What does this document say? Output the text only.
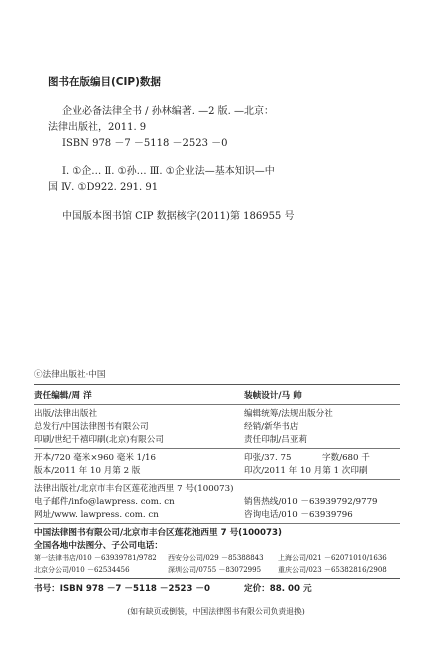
图书在版编目(CIP)数据
企业必备法律全书 / 孙林编著. —2 版. —北京：
法律出版社，2011. 9
ISBN 978 －7 －5118 －2523 －0
Ⅰ. ①企… Ⅱ. ①孙… Ⅲ. ①企业法—基本知识—中
国 Ⅳ. ①D922. 291. 91
中国版本图书馆 CIP 数据核字(2011)第 186955 号
ⓒ法律出版社·中国
责任编辑/周 洋	装帧设计/马 帅
出版/法律出版社	编辑统筹/法规出版分社
总发行/中国法律图书有限公司	经销/新华书店
印刷/世纪千禧印刷(北京)有限公司	责任印制/吕亚莉
开本/720 毫米×960 毫米 1/16	印张/37. 75	字数/680 千
版本/2011 年 10 月第 2 版	印次/2011 年 10 月第 1 次印刷
法律出版社/北京市丰台区莲花池西里 7 号(100073)
电子邮件/info@lawpress. com. cn	销售热线/010 －63939792/9779
网址/www. lawpress. com. cn	咨询电话/010 －63939796
中国法律图书有限公司/北京市丰台区莲花池西里 7 号(100073)
全国各地中法图分、子公司电话：
第一法律书店/010 －63939781/9782 西安分公司/029 －85388843 上海公司/021 －62071010/1636
北京分公司/010 －62534456	深圳公司/0755 －83072995 重庆公司/023 －65382816/2908
书号：ISBN 978 －7 －5118 －2523 －0	定价：88. 00 元
(如有缺页或倒装，中国法律图书有限公司负责退换)
